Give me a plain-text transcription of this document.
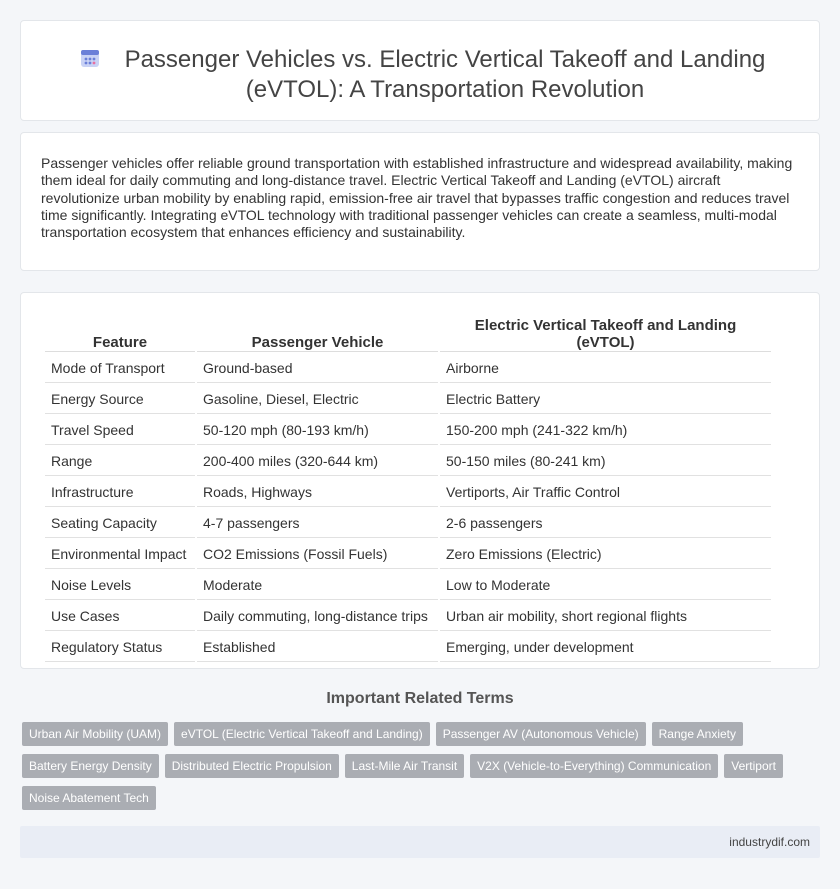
Passenger Vehicles vs. Electric Vertical Takeoff and Landing (eVTOL): A Transportation Revolution

Passenger vehicles offer reliable ground transportation with established infrastructure and widespread availability, making them ideal for daily commuting and long-distance travel. Electric Vertical Takeoff and Landing (eVTOL) aircraft revolutionize urban mobility by enabling rapid, emission-free air travel that bypasses traffic congestion and reduces travel time significantly. Integrating eVTOL technology with traditional passenger vehicles can create a seamless, multi-modal transportation ecosystem that enhances efficiency and sustainability.

Feature	Passenger Vehicle	Electric Vertical Takeoff and Landing (eVTOL)
Mode of Transport	Ground-based	Airborne
Energy Source	Gasoline, Diesel, Electric	Electric Battery
Travel Speed	50-120 mph (80-193 km/h)	150-200 mph (241-322 km/h)
Range	200-400 miles (320-644 km)	50-150 miles (80-241 km)
Infrastructure	Roads, Highways	Vertiports, Air Traffic Control
Seating Capacity	4-7 passengers	2-6 passengers
Environmental Impact	CO2 Emissions (Fossil Fuels)	Zero Emissions (Electric)
Noise Levels	Moderate	Low to Moderate
Use Cases	Daily commuting, long-distance trips	Urban air mobility, short regional flights
Regulatory Status	Established	Emerging, under development
Important Related Terms
Urban Air Mobility (UAM)	eVTOL (Electric Vertical Takeoff and Landing)	Passenger AV (Autonomous Vehicle)	Range Anxiety
Battery Energy Density	Distributed Electric Propulsion	Last-Mile Air Transit	V2X (Vehicle-to-Everything) Communication	Vertiport
Noise Abatement Tech
industrydif.com
